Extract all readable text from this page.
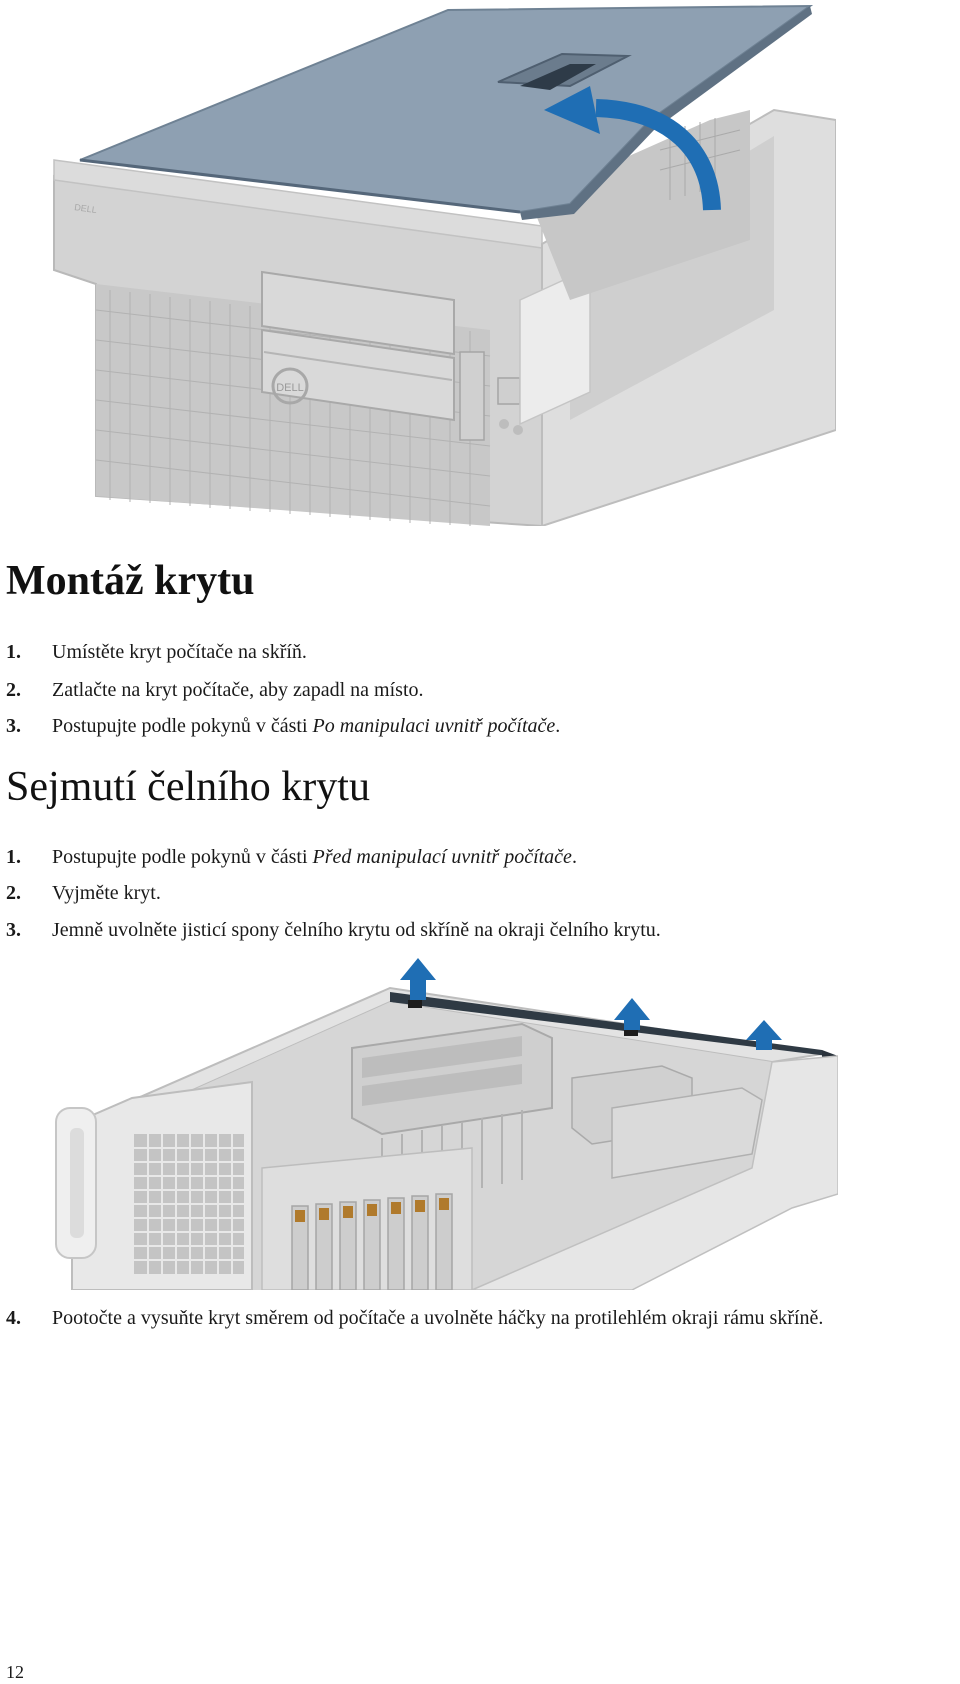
DELL
DELL
Montáž krytu
1. Umístěte kryt počítače na skříň.
2. Zatlačte na kryt počítače, aby zapadl na místo.
3. Postupujte podle pokynů v části Po manipulaci uvnitř počítače.
Sejmutí čelního krytu
1. Postupujte podle pokynů v části Před manipulací uvnitř počítače.
2. Vyjměte kryt.
3. Jemně uvolněte jisticí spony čelního krytu od skříně na okraji čelního krytu.
4. Pootočte a vysuňte kryt směrem od počítače a uvolněte háčky na protilehlém okraji rámu skříně.
12
